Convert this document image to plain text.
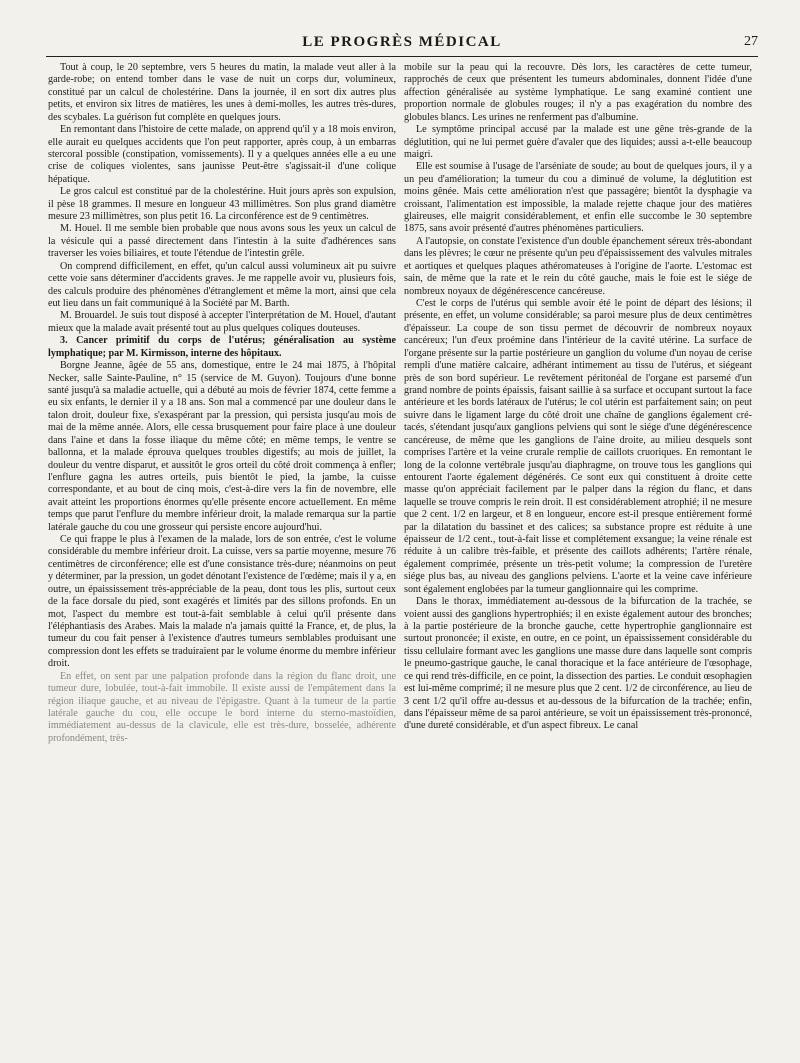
LE PROGRÈS MÉDICAL	27

Tout à coup, le 20 septembre, vers 5 heures du matin, la malade veut aller à la garde-robe; on entend tomber dans le vase de nuit un corps dur, volumineux, constitué par un calcul de cholestérine. Dans la journée, il en sort dix autres plus petits, et environ six litres de matières, les unes à demi-molles, les autres très-dures, des scybales. La guérison fut complète en quelques jours.

En remontant dans l'histoire de cette malade, on apprend qu'il y a 18 mois environ, elle aurait eu quelques accidents que l'on peut rapporter, après coup, à un embarras stercoral possible (constipation, vomissements). Il y a quelques années elle a eu une crise de coliques violentes, sans jaunisse Peut-être s'agissait-il d'une colique hépatique.

Le gros calcul est constitué par de la cholestérine. Huit jours après son expulsion, il pèse 18 grammes. Il mesure en longueur 43 millimètres. Son plus grand diamètre mesure 23 millimètres, son plus petit 16. La circonférence est de 9 centimètres.

M. Houel. Il me semble bien probable que nous avons sous les yeux un calcul de la vésicule qui a passé directement dans l'intestin à la suite d'adhérences sans traverser les voies biliaires, et toute l'étendue de l'intestin grêle.

On comprend difficilement, en effet, qu'un calcul aussi volumineux ait pu suivre cette voie sans déterminer d'accidents graves. Je me rappelle avoir vu, plusieurs fois, des calculs produire des phénomènes d'étranglement et même la mort, ainsi que cela eut lieu dans un fait communiqué à la Société par M. Barth.

M. Brouardel. Je suis tout disposé à accepter l'interprétation de M. Houel, d'autant mieux que la malade avait présenté tout au plus quelques coliques douteuses.

3. Cancer primitif du corps de l'utérus; généralisation au système lymphatique; par M. Kirmisson, interne des hôpitaux.

Borgne Jeanne, âgée de 55 ans, domestique, entre le 24 mai 1875, à l'hôpital Necker, salle Sainte-Pauline, n° 15 (service de M. Guyon). Toujours d'une bonne santé jusqu'à sa maladie actuelle, qui a débuté au mois de février 1874, cette femme a eu six enfants, le dernier il y a 18 ans. Son mal a commencé par une douleur dans le talon droit, douleur fixe, s'exaspérant par la pression, qui persista jusqu'au mois de mai de la même année. Alors, elle cessa brusquement pour faire place à une douleur dans l'aine et dans la fosse iliaque du même côté; en même temps, le ventre se ballonna, et la malade éprouva quelques troubles digestifs; au mois de juillet, la douleur du ventre disparut, et aussitôt le gros orteil du côté droit commença à enfler; l'enflure gagna les autres orteils, puis bientôt le pied, la jambe, la cuisse correspondante, et au bout de cinq mois, c'est-à-dire vers la fin de novembre, elle avait atteint les proportions énormes qu'elle présente encore actuellement. En même temps que parut l'enflure du membre inférieur droit, la malade remarqua sur la partie latérale gauche du cou une grosseur qui persiste encore aujourd'hui.

Ce qui frappe le plus à l'examen de la malade, lors de son entrée, c'est le volume considérable du membre inférieur droit. La cuisse, vers sa partie moyenne, mesure 76 centimètres de circonférence; elle est d'une consistance très-dure; néanmoins on peut y déterminer, par la pression, un godet dénotant l'existence de l'œdème; mais il y a, en outre, un épaississement très-appréciable de la peau, dont tous les plis, surtout ceux de la face dorsale du pied, sont exagérés et limités par des sillons profonds. En un mot, l'aspect du membre est tout-à-fait semblable à celui qu'il présente dans l'éléphantiasis des Arabes. Mais la malade n'a jamais quitté la France, et, de plus, la tumeur du cou fait penser à l'existence d'autres tumeurs semblables produisant une compression dont les effets se traduiraient par le volume énorme du membre inférieur droit.

En effet, on sent par une palpation profonde dans la région du flanc droit, une tumeur dure, lobulée, tout-à-fait immobile. Il existe aussi de l'empâtement dans la région iliaque gauche, et au niveau de l'épigastre. Quant à la tumeur de la partie latérale gauche du cou, elle occupe le bord interne du sterno-mastoïdien, immédiatement au-dessus de la clavicule, elle est très-dure, bosselée, adhérente profondément, très-

mobile sur la peau qui la recouvre. Dès lors, les caractères de cette tumeur, rapprochés de ceux que présentent les tumeurs abdominales, donnent l'idée d'une affection généralisée au système lymphatique. Le sang examiné contient une proportion normale de globules rouges; il n'y a pas exagération du nombre des globules blancs. Les urines ne renferment pas d'albumine.

Le symptôme principal accusé par la malade est une gêne très-grande de la déglutition, qui ne lui permet guère d'avaler que des liquides; aussi a-t-elle beaucoup maigri.

Elle est soumise à l'usage de l'arséniate de soude; au bout de quelques jours, il y a un peu d'amélioration; la tumeur du cou a diminué de volume, la déglutition est moins gênée. Mais cette amélioration n'est que passagère; bientôt la dysphagie va croissant, l'alimentation est impossible, la malade rejette chaque jour des matières glaireuses, elle maigrit considérablement, et enfin elle succombe le 30 septembre 1875, sans avoir présenté d'autres phénomènes particuliers.

A l'autopsie, on constate l'existence d'un double épanchement séreux très-abondant dans les plèvres; le cœur ne présente qu'un peu d'épaississement des valvules mitrales et aortiques et quelques plaques athéromateuses à l'origine de l'aorte. L'estomac est sain, de même que la rate et le rein du côté gauche, mais le foie est le siége de nombreux noyaux de dégénérescence cancéreuse.

C'est le corps de l'utérus qui semble avoir été le point de départ des lésions; il présente, en effet, un volume considérable; sa paroi mesure plus de deux centimètres d'épaisseur. La coupe de son tissu permet de découvrir de nombreux noyaux cancéreux; l'un d'eux proémine dans l'intérieur de la cavité utérine. La surface de l'organe présente sur la partie postérieure un ganglion du volume d'un noyau de cerise rempli d'une matière calcaire, adhérant intimement au tissu de l'utérus, et siégeant près de son bord supérieur. Le revêtement péritonéal de l'organe est parsemé d'un grand nombre de points épaissis, faisant saillie à sa surface et occupant surtout la face antérieure et les bords latéraux de l'utérus; le col utérin est parfaitement sain; on peut suivre dans le ligament large du côté droit une chaîne de ganglions également cré-tacés, s'étendant jusqu'aux ganglions pelviens qui sont le siége d'une dégénérescence cancéreuse, de même que les ganglions de l'aine droite, au milieu desquels sont comprises l'artère et la veine crurale remplie de caillots cruoriques. En remontant le long de la colonne vertébrale jusqu'au diaphragme, on trouve tous les ganglions qui entourent l'aorte également dégénérés. Ce sont eux qui constituent à droite cette masse qu'on appréciait facilement par le palper dans la région du flanc, et dans laquelle se trouve compris le rein droit. Il est considérablement atrophié; il ne mesure que 2 cent. 1/2 en largeur, et 8 en longueur, encore est-il presque entièrement formé par la dilatation du bassinet et des calices; sa substance propre est réduite à une épaisseur de 1/2 cent., tout-à-fait lisse et complétement exsangue; la veine rénale est réduite à un calibre très-faible, et présente des caillots adhérents; l'artère rénale, également comprimée, présente un très-petit volume; la compression de l'uretère siége plus bas, au niveau des ganglions pelviens. L'aorte et la veine cave inférieure sont également englobées par la tumeur ganglionnaire qui les comprime.

Dans le thorax, immédiatement au-dessous de la bifurcation de la trachée, se voient aussi des ganglions hypertrophiés; il en existe également autour des bronches; à la partie postérieure de la bronche gauche, cette hypertrophie ganglionnaire est surtout prononcée; il existe, en outre, en ce point, un épaississement considérable du tissu cellulaire formant avec les ganglions une masse dure dans laquelle sont compris le pneumo-gastrique gauche, le canal thoracique et la face antérieure de l'œsophage, ce qui rend très-difficile, en ce point, la dissection des parties. Le conduit œsophagien est lui-même comprimé; il ne mesure plus que 2 cent. 1/2 de circonférence, au lieu de 3 cent 1/2 qu'il offre au-dessus et au-dessous de la bifurcation de la trachée; enfin, dans l'épaisseur même de sa paroi antérieure, se voit un épaississement très-prononcé, d'une dureté considérable, et d'un aspect fibreux. Le canal
